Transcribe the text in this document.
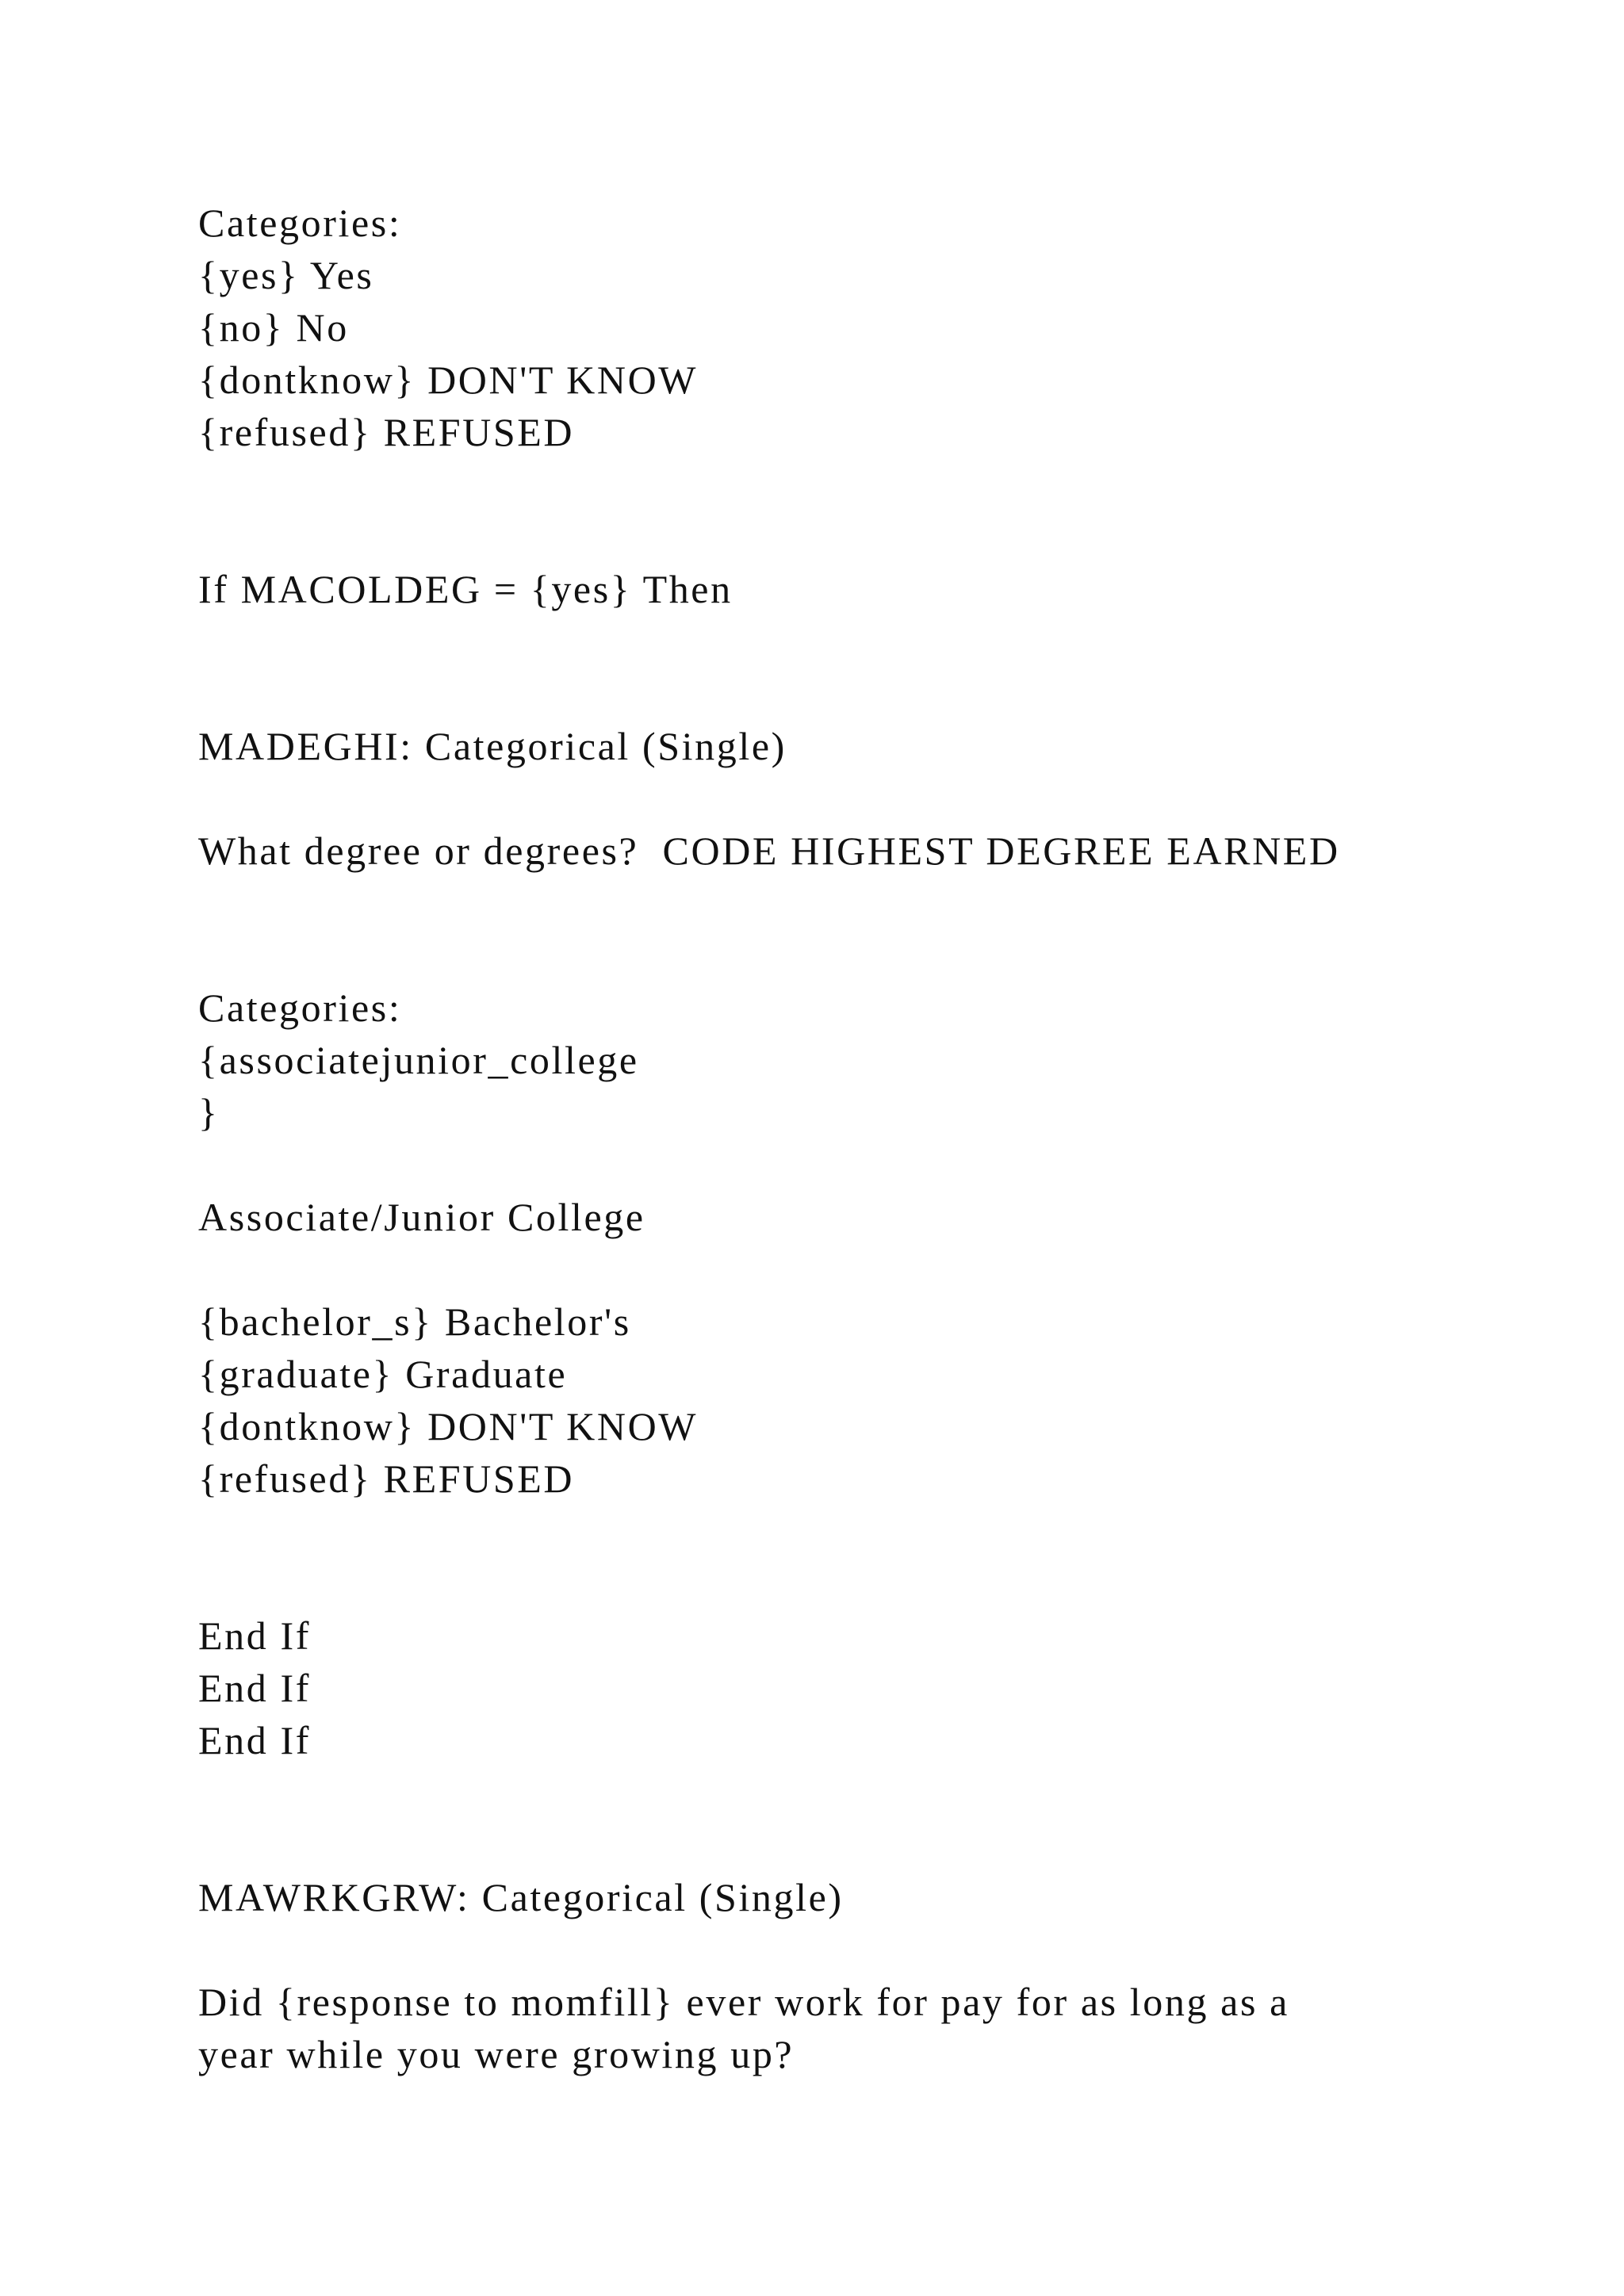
Categories:

{yes} Yes

{no} No

{dontknow} DON'T KNOW

{refused} REFUSED

If MACOLDEG = {yes} Then

MADEGHI: Categorical (Single)

What degree or degrees?  CODE HIGHEST DEGREE EARNED

Categories:

{associatejunior_college

}

Associate/Junior College

{bachelor_s} Bachelor's

{graduate} Graduate

{dontknow} DON'T KNOW

{refused} REFUSED

End If

End If

End If

MAWRKGRW: Categorical (Single)

Did {response to momfill} ever work for pay for as long as a

year while you were growing up?
